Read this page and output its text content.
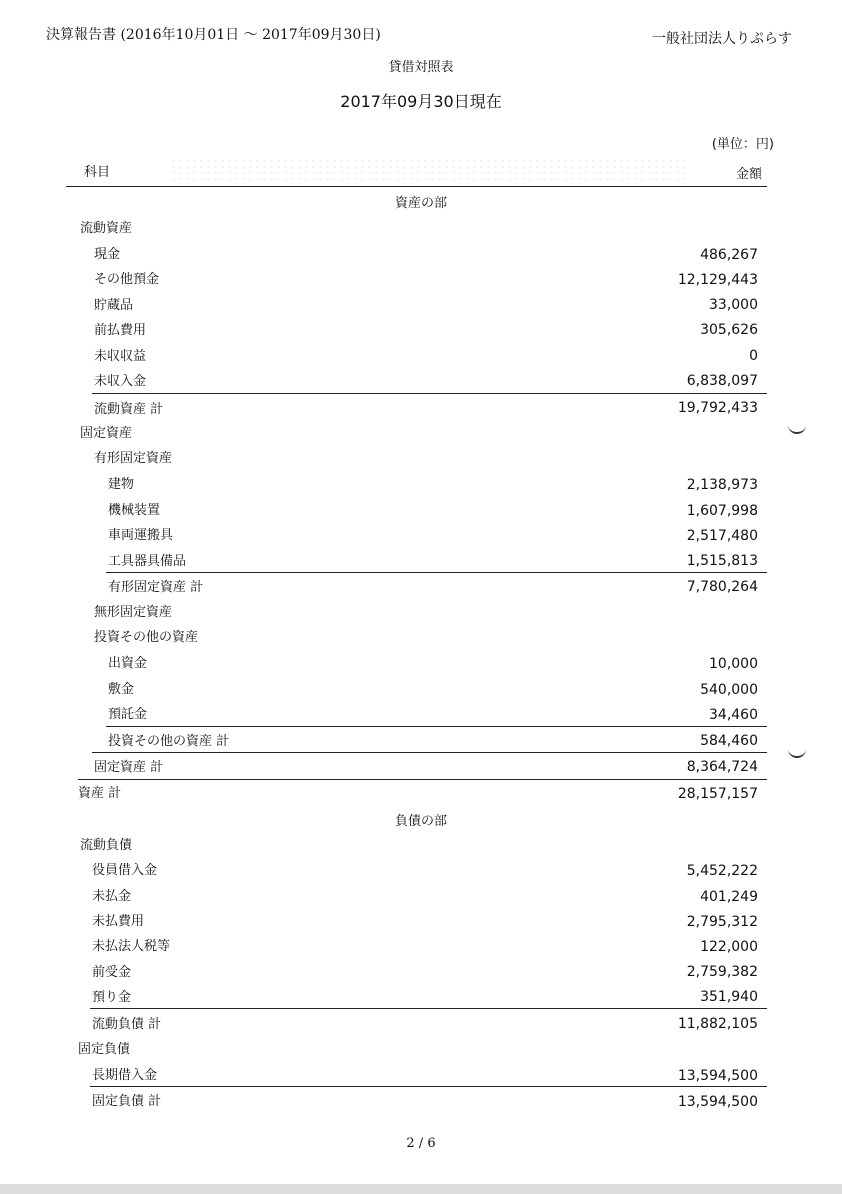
決算報告書 (2016年10月01日 ～ 2017年09月30日)	一般社団法人りぷらす
貸借対照表
2017年09月30日現在
(単位：円)
科目	金額
資産の部
流動資産
現金	486,267
その他預金	12,129,443
貯蔵品	33,000
前払費用	305,626
未収収益	0
未収入金	6,838,097
流動資産 計	19,792,433
固定資産
有形固定資産
建物	2,138,973
機械装置	1,607,998
車両運搬具	2,517,480
工具器具備品	1,515,813
有形固定資産 計	7,780,264
無形固定資産
投資その他の資産
出資金	10,000
敷金	540,000
預託金	34,460
投資その他の資産 計	584,460
固定資産 計	8,364,724
資産 計	28,157,157
負債の部
流動負債
役員借入金	5,452,222
未払金	401,249
未払費用	2,795,312
未払法人税等	122,000
前受金	2,759,382
預り金	351,940
流動負債 計	11,882,105
固定負債
長期借入金	13,594,500
固定負債 計	13,594,500
2 / 6
